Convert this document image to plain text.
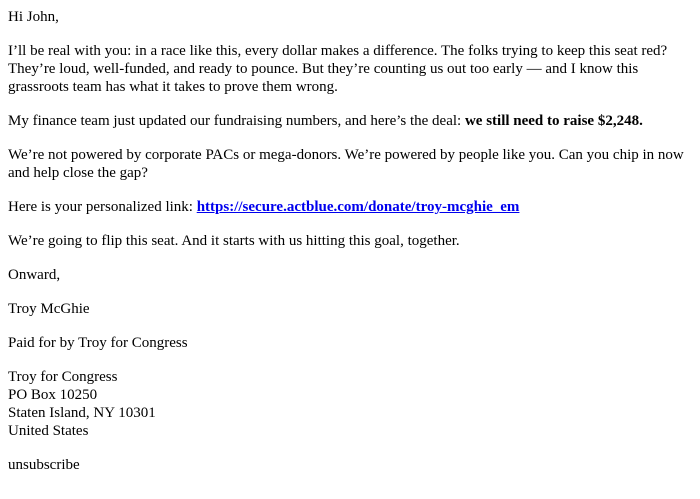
Hi John,

I’ll be real with you: in a race like this, every dollar makes a difference. The folks trying to keep this seat red? They’re loud, well-funded, and ready to pounce. But they’re counting us out too early — and I know this grassroots team has what it takes to prove them wrong.

My finance team just updated our fundraising numbers, and here’s the deal: we still need to raise $2,248.

We’re not powered by corporate PACs or mega-donors. We’re powered by people like you. Can you chip in now and help close the gap?

Here is your personalized link: https://secure.actblue.com/donate/troy-mcghie_em

We’re going to flip this seat. And it starts with us hitting this goal, together.

Onward,

Troy McGhie

Paid for by Troy for Congress

Troy for Congress
PO Box 10250
Staten Island, NY 10301
United States

unsubscribe
